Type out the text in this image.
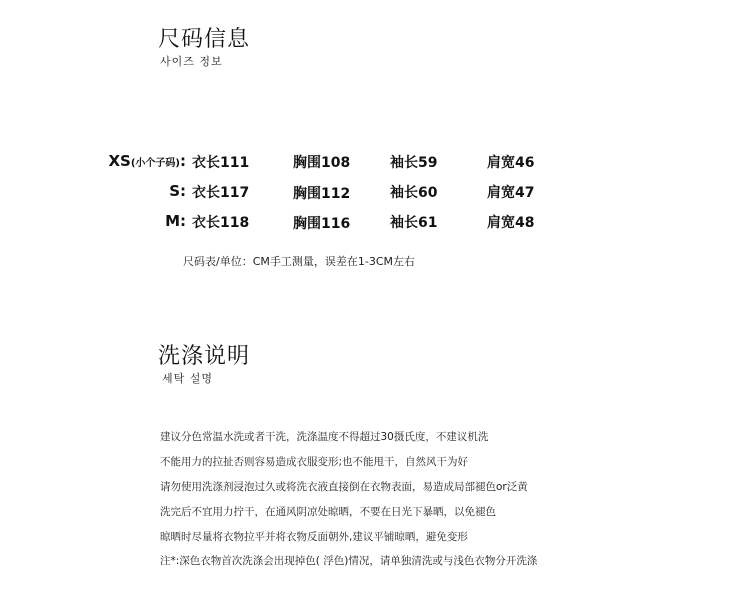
尺码信息
사이즈 정보
XS(小个子码): 衣长111	胸围108	袖长59	肩宽46
S: 衣长117	胸围112	袖长60	肩宽47
M: 衣长118	胸围116	袖长61	肩宽48
尺码表/单位：CM手工测量，误差在1-3CM左右
洗涤说明
세탁 설명
建议分色常温水洗或者干洗，洗涤温度不得超过30摄氏度，不建议机洗
不能用力的拉扯否则容易造成衣服变形;也不能甩干，自然风干为好
请勿使用洗涤剂浸泡过久或将洗衣液直接倒在衣物表面，易造成局部褪色or泛黄
洗完后不宜用力拧干，在通风阴凉处晾晒，不要在日光下暴晒，以免褪色
晾晒时尽量将衣物拉平并将衣物反面朝外,建议平铺晾晒，避免变形
注*:深色衣物首次洗涤会出现掉色( 浮色)情况，请单独清洗或与浅色衣物分开洗涤
